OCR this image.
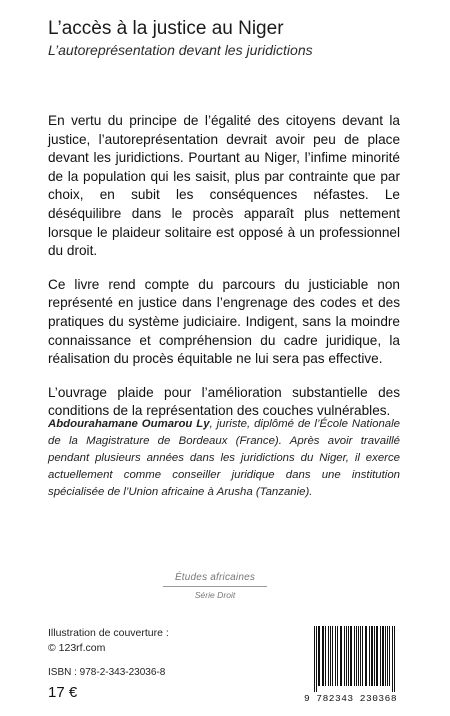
L’accès à la justice au Niger
L’autoreprésentation devant les juridictions

En vertu du principe de l’égalité des citoyens devant la justice, l’autoreprésentation devrait avoir peu de place devant les juridictions. Pourtant au Niger, l’infime minorité de la population qui les saisit, plus par contrainte que par choix, en subit les conséquences néfastes. Le déséquilibre dans le procès apparaît plus nettement lorsque le plaideur solitaire est opposé à un professionnel du droit.

Ce livre rend compte du parcours du justiciable non représenté en justice dans l’engrenage des codes et des pratiques du système judiciaire. Indigent, sans la moindre connaissance et compréhension du cadre juridique, la réalisation du procès équitable ne lui sera pas effective.

L’ouvrage plaide pour l’amélioration substantielle des conditions de la représentation des couches vulnérables.

Abdourahamane Oumarou Ly, juriste, diplômé de l’École Nationale de la Magistrature de Bordeaux (France). Après avoir travaillé pendant plusieurs années dans les juridictions du Niger, il exerce actuellement comme conseiller juridique dans une institution spécialisée de l’Union africaine à Arusha (Tanzanie).
Études africaines
Série Droit
Illustration de couverture :
© 123rf.com
ISBN : 978-2-343-23036-8
17 €	9 782343 230368
